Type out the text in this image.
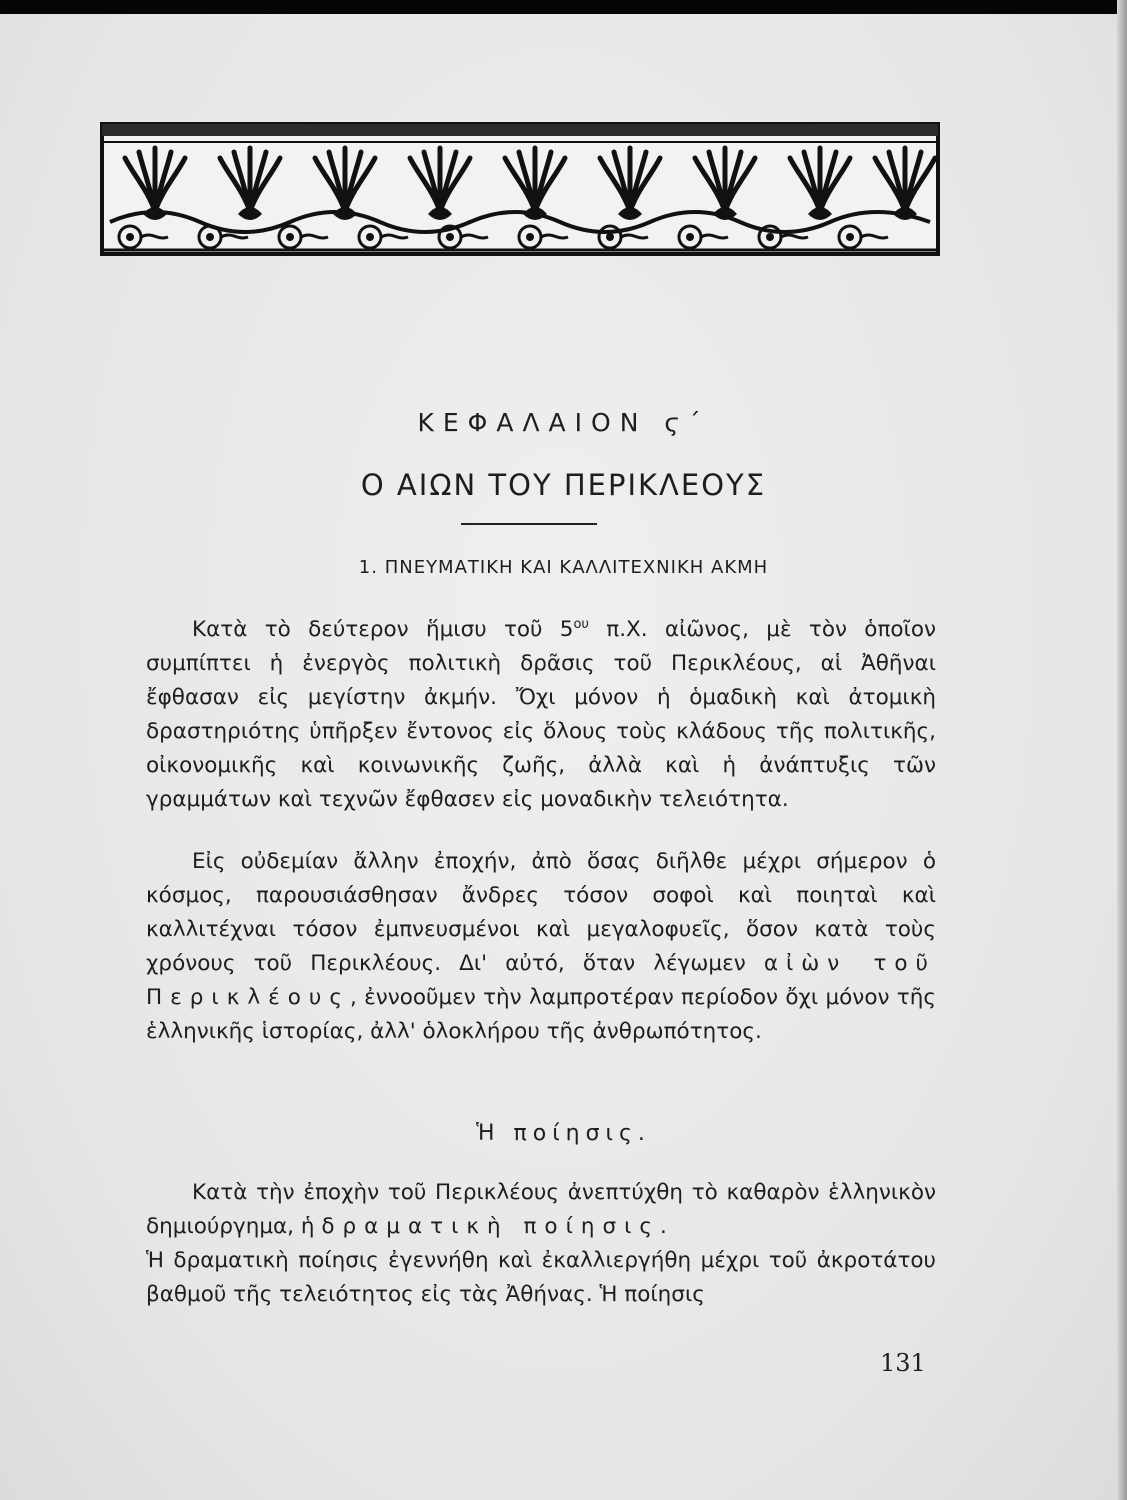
ΚΕΦΑΛΑΙΟΝ ϛ΄
Ο ΑΙΩΝ ΤΟΥ ΠΕΡΙΚΛΕΟΥΣ
1. ΠΝΕΥΜΑΤΙΚΗ ΚΑΙ ΚΑΛΛΙΤΕΧΝΙΚΗ ΑΚΜΗ

Κατὰ τὸ δεύτερον ἥμισυ τοῦ $5^{o\upsilon}$ π.Χ. αἰῶνος, μὲ τὸν ὁποῖον συμπίπτει ἡ ἐνεργὸς πολιτικὴ δρᾶσις τοῦ Περικλέους, αἱ Ἀθῆναι ἔφθασαν εἰς μεγίστην ἀκμήν. Ὄχι μόνον ἡ ὁμαδικὴ καὶ ἀτομικὴ δραστηριότης ὑπῆρξεν ἔντονος εἰς ὅλους τοὺς κλάδους τῆς πολιτικῆς, οἰκονομικῆς καὶ κοινωνικῆς ζωῆς, ἀλλὰ καὶ ἡ ἀνάπτυξις τῶν γραμμάτων καὶ τεχνῶν ἔφθασεν εἰς μοναδικὴν τελειότητα.

Εἰς οὐδεμίαν ἄλλην ἐποχήν, ἀπὸ ὅσας διῆλθε μέχρι σήμερον ὁ κόσμος, παρουσιάσθησαν ἄνδρες τόσον σοφοὶ καὶ ποιηταὶ καὶ καλλιτέχναι τόσον ἐμπνευσμένοι καὶ μεγαλοφυεῖς, ὅσον κατὰ τοὺς χρόνους τοῦ Περικλέους. Δι' αὐτό, ὅταν λέγωμεν αἰὼν τοῦ Περικλέους, ἐννοοῦμεν τὴν λαμπροτέραν περίοδον ὄχι μόνον τῆς ἑλληνικῆς ἱστορίας, ἀλλ' ὁλοκλήρου τῆς ἀνθρωπότητος.

Ἡ ποίησις.

Κατὰ τὴν ἐποχὴν τοῦ Περικλέους ἀνεπτύχθη τὸ καθαρὸν ἑλληνικὸν δημιούργημα, ἡ δραματικὴ ποίησις.

Ἡ δραματικὴ ποίησις ἐγεννήθη καὶ ἐκαλλιεργήθη μέχρι τοῦ ἀκροτάτου βαθμοῦ τῆς τελειότητος εἰς τὰς Ἀθήνας. Ἡ ποίησις

131
